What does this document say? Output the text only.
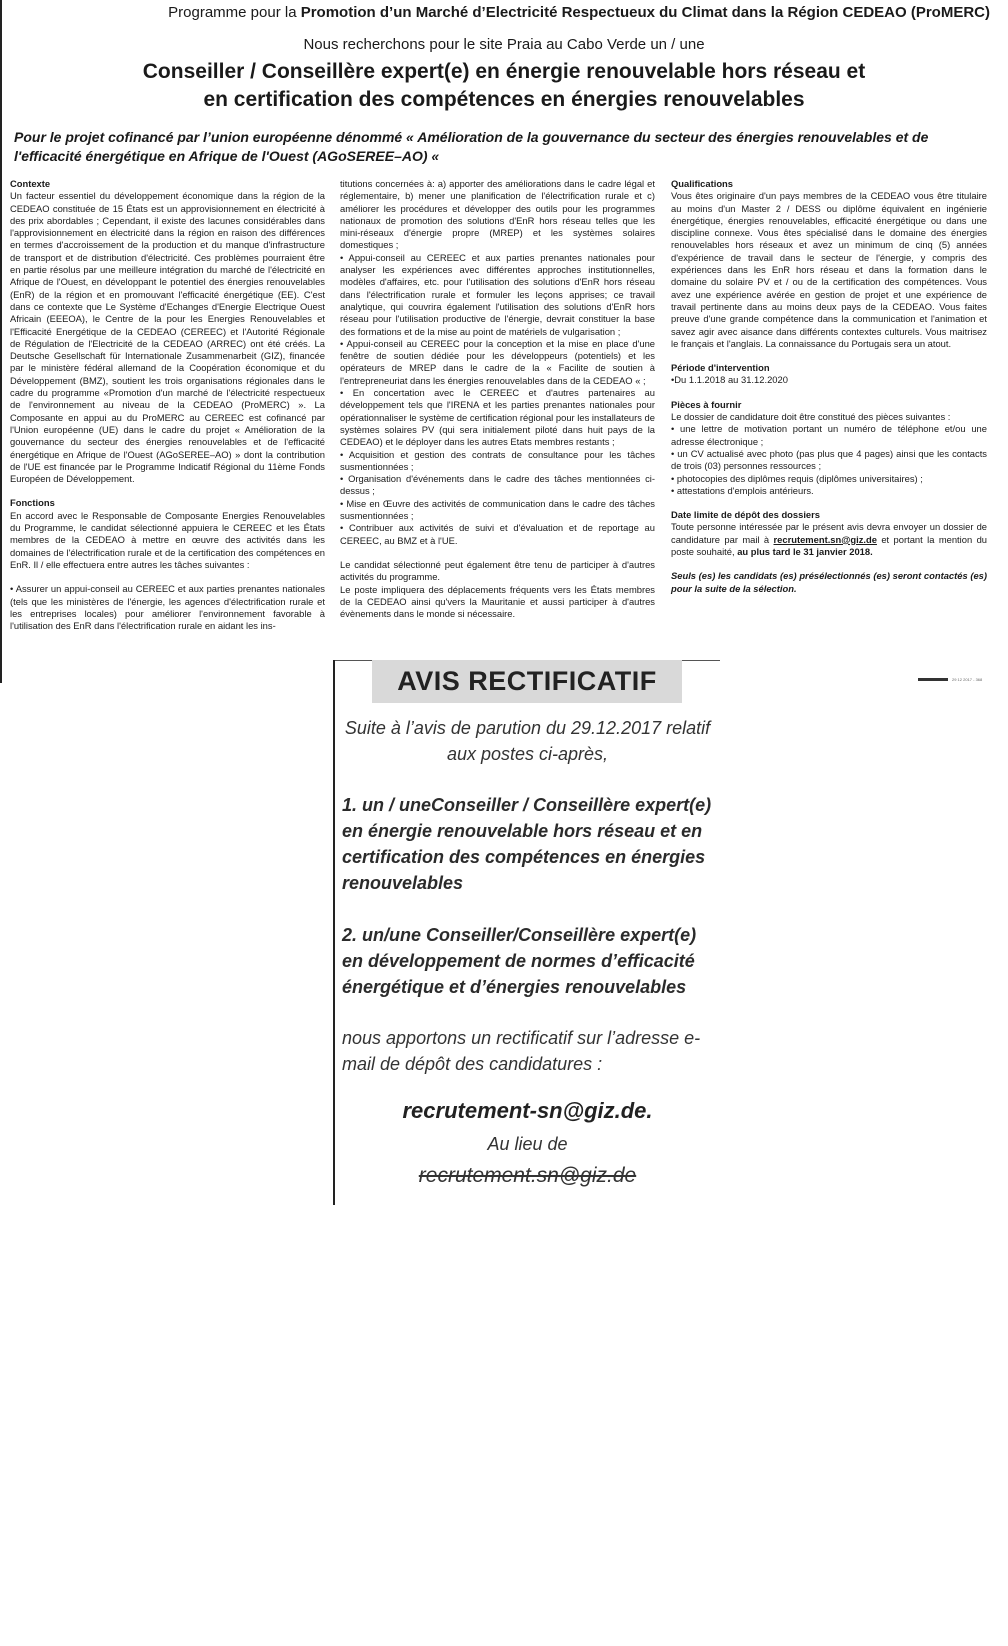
Programme pour la Promotion d’un Marché d’Electricité Respectueux du Climat dans la Région CEDEAO (ProMERC)
Nous recherchons pour le site Praia au Cabo Verde un / une
Conseiller / Conseillère expert(e) en énergie renouvelable hors réseau et
en certification des compétences en énergies renouvelables
Pour le projet cofinancé par l’union européenne dénommé « Amélioration de la gouvernance du secteur des énergies renouvelables et de l'efficacité énergétique en Afrique de l'Ouest (AGoSEREE–AO) «

Contexte

Un facteur essentiel du développement économique dans la région de la CEDEAO constituée de 15 États est un approvisionnement en électricité à des prix abordables ; Cependant, il existe des lacunes considérables dans l'approvisionnement en électricité dans la région en raison des différences en termes d'accroissement de la production et du manque d'infrastructure de transport et de distribution d'électricité. Ces problèmes pourraient être en partie résolus par une meilleure intégration du marché de l'électricité en Afrique de l'Ouest, en développant le potentiel des énergies renouvelables (EnR) de la région et en promouvant l'efficacité énergétique (EE). C'est dans ce contexte que Le Système d'Echanges d'Energie Electrique Ouest Africain (EEEOA), le Centre de la pour les Energies Renouvelables et l'Efficacité Energétique de la CEDEAO (CEREEC) et l'Autorité Régionale de Régulation de l'Electricité de la CEDEAO (ARREC) ont été créés. La Deutsche Gesellschaft für Internationale Zusammenarbeit (GIZ), financée par le ministère fédéral allemand de la Coopération économique et du Développement (BMZ), soutient les trois organisations régionales dans le cadre du programme «Promotion d'un marché de l'électricité respectueux de l'environnement au niveau de la CEDEAO (ProMERC) ». La Composante en appui au du ProMERC au CEREEC est cofinancé par l'Union européenne (UE) dans le cadre du projet « Amélioration de la gouvernance du secteur des énergies renouvelables et de l'efficacité énergétique en Afrique de l'Ouest (AGoSEREE–AO) » dont la contribution de l'UE est financée par le Programme Indicatif Régional du 11ème Fonds Européen de Développement.

Fonctions

En accord avec le Responsable de Composante Energies Renouvelables du Programme, le candidat sélectionné appuiera le CEREEC et les États membres de la CEDEAO à mettre en œuvre des activités dans les domaines de l'électrification rurale et de la certification des compétences en EnR. Il / elle effectuera entre autres les tâches suivantes :

• Assurer un appui-conseil au CEREEC et aux parties prenantes nationales (tels que les ministères de l'énergie, les agences d'électrification rurale et les entreprises locales) pour améliorer l'environnement favorable à l'utilisation des EnR dans l'électrification rurale en aidant les ins-

titutions concernées à: a) apporter des améliorations dans le cadre légal et réglementaire, b) mener une planification de l'électrification rurale et c) améliorer les procédures et développer des outils pour les programmes nationaux de promotion des solutions d'EnR hors réseau telles que les mini-réseaux d'énergie propre (MREP) et les systèmes solaires domestiques ;

• Appui-conseil au CEREEC et aux parties prenantes nationales pour analyser les expériences avec différentes approches institutionnelles, modèles d'affaires, etc. pour l'utilisation des solutions d'EnR hors réseau dans l'électrification rurale et formuler les leçons apprises; ce travail analytique, qui couvrira également l'utilisation des solutions d'EnR hors réseau pour l'utilisation productive de l'énergie, devrait constituer la base des formations et de la mise au point de matériels de vulgarisation ;

• Appui-conseil au CEREEC pour la conception et la mise en place d'une fenêtre de soutien dédiée pour les développeurs (potentiels) et les opérateurs de MREP dans le cadre de la « Facilite de soutien à l'entrepreneuriat dans les énergies renouvelables dans de la CEDEAO « ;

• En concertation avec le CEREEC et d'autres partenaires au développement tels que l'IRENA et les parties prenantes nationales pour opérationnaliser le système de certification régional pour les installateurs de systèmes solaires PV (qui sera initialement piloté dans huit pays de la CEDEAO) et le déployer dans les autres Etats membres restants ;

• Acquisition et gestion des contrats de consultance pour les tâches susmentionnées ;

• Organisation d'événements dans le cadre des tâches mentionnées ci-dessus ;

• Mise en Œuvre des activités de communication dans le cadre des tâches susmentionnées ;

• Contribuer aux activités de suivi et d'évaluation et de reportage au CEREEC, au BMZ et à l'UE.

Le candidat sélectionné peut également être tenu de participer à d'autres activités du programme.

Le poste impliquera des déplacements fréquents vers les États membres de la CEDEAO ainsi qu'vers la Mauritanie et aussi participer à d'autres évènements dans le monde si nécessaire.

Qualifications

Vous êtes originaire d'un pays membres de la CEDEAO vous être titulaire au moins d'un Master 2 / DESS ou diplôme équivalent en ingénierie énergétique, énergies renouvelables, efficacité énergétique ou dans une discipline connexe. Vous êtes spécialisé dans le domaine des énergies renouvelables hors réseaux et avez un minimum de cinq (5) années d'expérience de travail dans le secteur de l'énergie, y compris des expériences dans les EnR hors réseau et dans la formation dans le domaine du solaire PV et / ou de la certification des compétences. Vous avez une expérience avérée en gestion de projet et une expérience de travail pertinente dans au moins deux pays de la CEDEAO. Vous faites preuve d'une grande compétence dans la communication et l'animation et savez agir avec aisance dans différents contextes culturels. Vous maitrisez le français et l'anglais. La connaissance du Portugais sera un atout.

Période d'intervention

•Du 1.1.2018 au 31.12.2020

Pièces à fournir

Le dossier de candidature doit être constitué des pièces suivantes :

• une lettre de motivation portant un numéro de téléphone et/ou une adresse électronique ;

• un CV actualisé avec photo (pas plus que 4 pages) ainsi que les contacts de trois (03) personnes ressources ;

• photocopies des diplômes requis (diplômes universitaires) ;

• attestations d'emplois antérieurs.

Date limite de dépôt des dossiers

Toute personne intéressée par le présent avis devra envoyer un dossier de candidature par mail à recrutement.sn@giz.de et portant la mention du poste souhaité, au plus tard le 31 janvier 2018.

Seuls (es) les candidats (es) présélectionnés (es) seront contactés (es) pour la suite de la sélection.

AVIS RECTIFICATIF
Suite à l’avis de parution du 29.12.2017 relatif aux postes ci-après,
1. un / uneConseiller / Conseillère expert(e) en énergie renouvelable hors réseau et en certification des compétences en énergies renouvelables
2. un/une Conseiller/Conseillère expert(e) en développement de normes d’efficacité énergétique et d’énergies renouvelables
nous apportons un rectificatif sur l’adresse e-mail de dépôt des candidatures :
recrutement-sn@giz.de.
Au lieu de
recrutement.sn@giz.de
29 12 2017 - 368
